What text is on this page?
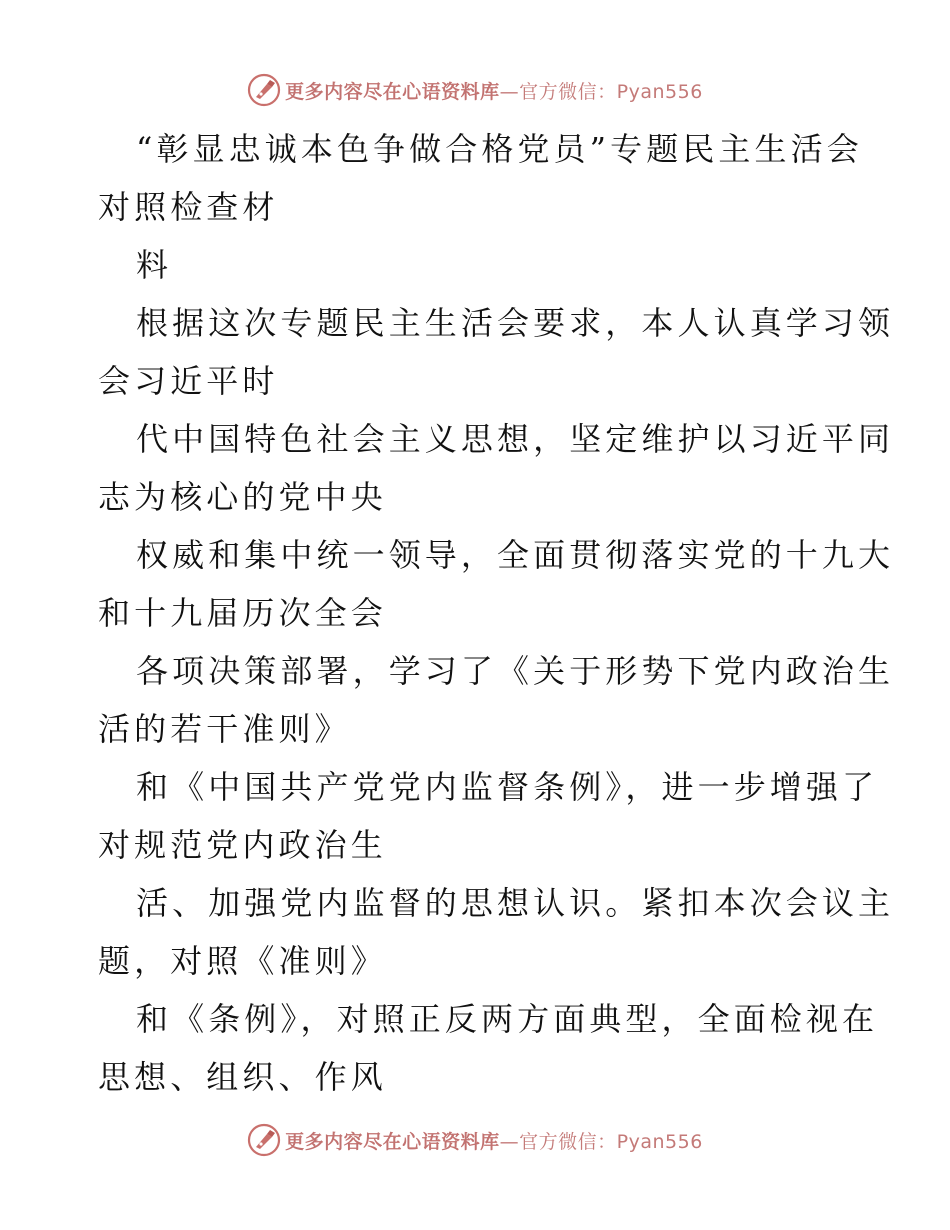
更多内容尽在心语资料库—官方微信：Pyan556
“彰显忠诚本色争做合格党员”专题民主生活会
对照检查材
料
根据这次专题民主生活会要求，本人认真学习领
会习近平时
代中国特色社会主义思想，坚定维护以习近平同
志为核心的党中央
权威和集中统一领导，全面贯彻落实党的十九大
和十九届历次全会
各项决策部署，学习了《关于形势下党内政治生
活的若干准则》
和《中国共产党党内监督条例》，进一步增强了
对规范党内政治生
活、加强党内监督的思想认识。紧扣本次会议主
题，对照《准则》
和《条例》，对照正反两方面典型，全面检视在
思想、组织、作风
更多内容尽在心语资料库—官方微信：Pyan556
